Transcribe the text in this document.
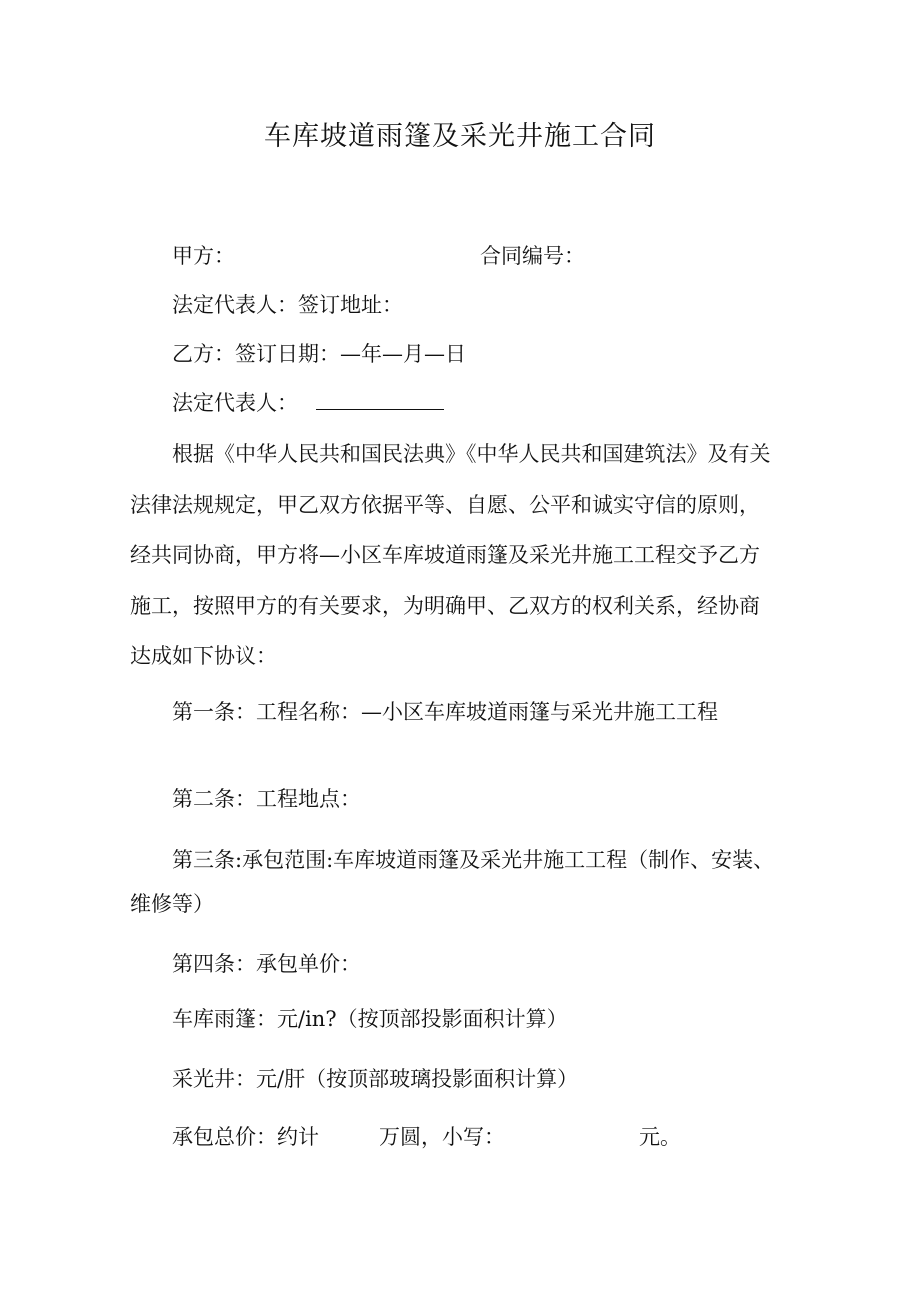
车库坡道雨篷及采光井施工合同
甲方：	合同编号：
法定代表人：签订地址：
乙方：签订日期：—年—月—日
法定代表人：
根据《中华人民共和国民法典》《中华人民共和国建筑法》及有关
法律法规规定，甲乙双方依据平等、自愿、公平和诚实守信的原则，
经共同协商，甲方将—小区车库坡道雨篷及采光井施工工程交予乙方
施工，按照甲方的有关要求，为明确甲、乙双方的权利关系，经协商
达成如下协议：
第一条：工程名称：—小区车库坡道雨篷与采光井施工工程
第二条：工程地点：
第三条:承包范围:车库坡道雨篷及采光井施工工程（制作、安装、
维修等）
第四条：承包单价：
车库雨篷：元/in?（按顶部投影面积计算）
采光井：元/肝（按顶部玻璃投影面积计算）
承包总价：约计	万圆，小写：	元。
